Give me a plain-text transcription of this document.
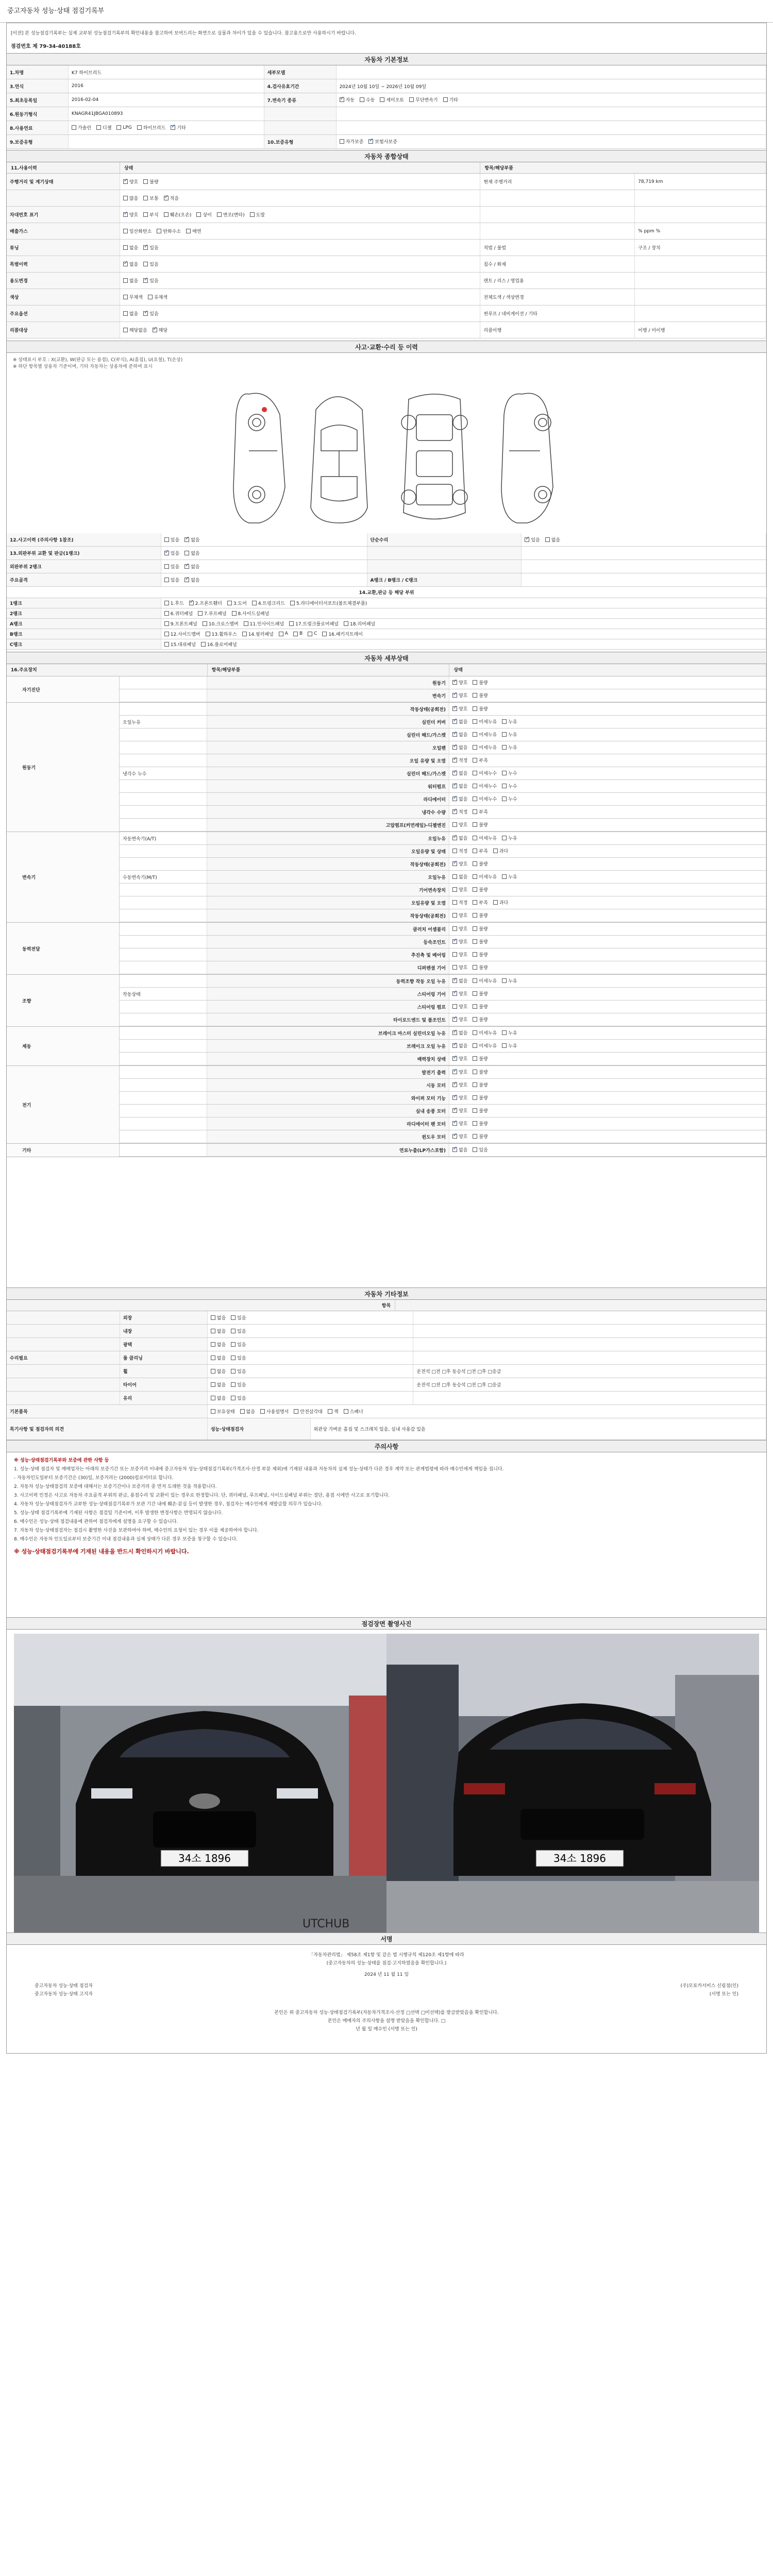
중고자동차 성능·상태 점검기록부
[이전] 본 성능점검기록부는 실제 교부된 성능점검기록부의 확인내용을 참고하여 보여드리는 화면으로 실물과 차이가 있을 수 있습니다. 참고용으로만 사용하시기 바랍니다.
점검번호 제 79-34-40188호
자동차 기본정보
1.차명	K7 하이브리드	세부모델
3.연식	2016	4.검사유효기간	2024년 10월 10일 ~ 2026년 10월 09일
5.최초등록일	2016-02-04	7.변속기 종류 ✓	자동 수동 세미오토 무단변속기 기타
6.원동기형식	KNAGR41JBGA010893
8.사용연료	가솔린 디젤 LPG 하이브리드 ✓ 기타
9.보증유형	10.보증유형	자가보증 ✓ 보험사보증
자동차 종합상태
11.사용이력	상태	항목/해당부품
주행거리 및 계기상태 ✓	양호 불량	현재 주행거리	78,719 km
많음 보통 ✓ 적음
차대번호 표기 ✓	양호 부식 훼손(오손) 상이 변조(변타) 도말
배출가스	일산화탄소 탄화수소 매연	% ppm %
튜닝	없음 ✓ 있음	적법 / 불법	구조 / 장치
특별이력 ✓	없음 있음	침수 / 화재
용도변경	없음 ✓ 있음	렌트 / 리스 / 영업용
색상	무채색 유채색	전체도색 / 색상변경
주요옵션	없음 ✓ 있음	썬루프 / 네비게이션 / 기타
리콜대상	해당없음 ✓ 해당	리콜이행	이행 / 미이행
사고·교환·수리 등 이력
※ 상태표시 부호 : X(교환), W(판금 또는 용접), C(부식), A(흠집), U(요철), T(손상)
※ 하단 항목별 상용차 기준이며, 기타 자동차는 상용차에 준하여 표시
12.사고이력 (주의사항 1참조)	있음 ✓ 없음	단순수리 ✓	있음 없음
13.외판부위 교환 및 판금(1랭크) ✓	있음 없음
외판부위 2랭크	있음 ✓ 없음
주요골격	있음 ✓ 없음	A랭크 / B랭크 / C랭크
14.교환,판금 등 해당 부위
1랭크	1.후드 ✓ 2.프론트휀더 3.도어 4.트렁크리드 5.라디에이터서포트(볼트체결부품)
2랭크	6.쿼터패널 7.루프패널 8.사이드실패널
A랭크	9.프론트패널 10.크로스멤버 11.인사이드패널 17.트렁크플로어패널 18.리어패널
B랭크	12.사이드멤버 13.휠하우스 14.필러패널 A B C 16.패키지트레이
C랭크	15.대쉬패널 16.플로어패널
자동차 세부상태
16.주요장치	항목/해당부품	상태
자기진단
원동기 ✓	양호 불량
변속기 ✓	양호 불량
원동기
작동상태(공회전) ✓	양호 불량
오일누유	실린더 커버 ✓	없음 미세누유 누유
실린더 헤드/가스켓 ✓	없음 미세누유 누유
오일팬 ✓	없음 미세누유 누유
오일 유량 및 오염 ✓	적정 부족
냉각수 누수	실린더 헤드/가스켓 ✓	없음 미세누수 누수
워터펌프 ✓	없음 미세누수 누수
라디에이터 ✓	없음 미세누수 누수
냉각수 수량 ✓	적정 부족
고압펌프(커먼레일)-디젤엔진	양호 불량
변속기
자동변속기(A/T)	오일누유 ✓	없음 미세누유 누유
오일유량 및 상태	적정 부족 과다
작동상태(공회전) ✓	양호 불량
수동변속기(M/T)	오일누유	없음 미세누유 누유
기어변속장치	양호 불량
오일유량 및 오염	적정 부족 과다
작동상태(공회전)	양호 불량
동력전달
클러치 어셈블리	양호 불량
등속조인트 ✓	양호 불량
추진축 및 베어링	양호 불량
디퍼렌셜 기어	양호 불량
조향
동력조향 작동 오일 누유 ✓	없음 미세누유 누유
작동상태	스티어링 기어 ✓	양호 불량
스티어링 펌프	양호 불량
타이로드엔드 및 볼조인트 ✓	양호 불량
제동
브레이크 마스터 실린더오일 누유 ✓	없음 미세누유 누유
브레이크 오일 누유 ✓	없음 미세누유 누유
배력장치 상태 ✓	양호 불량
전기
발전기 출력 ✓	양호 불량
시동 모터 ✓	양호 불량
와이퍼 모터 기능 ✓	양호 불량
실내 송풍 모터 ✓	양호 불량
라디에이터 팬 모터 ✓	양호 불량
윈도우 모터 ✓	양호 불량
기타	연료누출(LP가스포함) ✓	없음 있음
자동차 기타정보
항목
외장	없음 있음
내장	없음 있음
광택	없음 있음
수리필요	룸 클리닝	없음 있음
휠	없음 있음	운전석 □전 □후 동승석 □전 □후 □응급
타이어	없음 있음	운전석 □전 □후 동승석 □전 □후 □응급
유리	없음 있음
기본품목	보유상태 없음 사용설명서 안전삼각대 잭 스패너
특기사항 및 점검자의 의견	성능·상태점검자	외관상 가벼운 흠집 및 스크래치 있음, 실내 사용감 있음
주의사항

※ 성능·상태점검기록부와 보증에 관한 사항 등

1. 성능·상태 점검자 및 매매업자는 아래의 보증기간 또는 보증거리 이내에 중고자동차 성능·상태점검기록부(가격조사·산정 부분 제외)에 기재된 내용과 자동차의 실제 성능·상태가 다른 경우 계약 또는 관계법령에 따라 매수인에게 책임을 집니다.

- 자동차인도일부터 보증기간은 (30)일, 보증거리는 (2000)킬로미터로 합니다.

2. 자동차 성능·상태점검의 보증에 대해서는 보증기간이나 보증거리 중 먼저 도래한 것을 적용합니다.

3. 사고이력 인정은 사고로 자동차 주요골격 부위의 판금, 용접수리 및 교환이 있는 경우로 한정합니다. 단, 쿼터패널, 루프패널, 사이드실패널 부위는 절단, 용접 시에만 사고로 표기합니다.

4. 자동차 성능·상태점검자가 교부한 성능·상태점검기록부가 보관 기간 내에 훼손·분실 등이 발생한 경우, 점검자는 매수인에게 재발급할 의무가 있습니다.

5. 성능·상태 점검기록부에 기재된 사항은 점검일 기준이며, 이후 발생한 변경사항은 반영되지 않습니다.

6. 매수인은 성능·상태 점검내용에 관하여 점검자에게 설명을 요구할 수 있습니다.

7. 자동차 성능·상태점검자는 점검시 촬영한 사진을 보관하여야 하며, 매수인의 요청이 있는 경우 이를 제공하여야 합니다.

8. 매수인은 자동차 인도일로부터 보증기간 이내 점검내용과 실제 상태가 다른 경우 보증을 청구할 수 있습니다.

※ 성능·상태점검기록부에 기재된 내용을 반드시 확인하시기 바랍니다.

점검장면 촬영사진
34소 1896
UTCHUB
34소 1896
서명
「자동차관리법」 제58조 제1항 및 같은 법 시행규칙 제120조 제1항에 따라
(중고자동차의 성능·상태를 점검·고지하였음을 확인합니다.)
2024 년 11 월 11 일
중고자동차 성능·상태 점검자	(주)모토카서비스 신림점(인)
중고자동차 성능·상태 고지자	(서명 또는 인)
본인은 위 중고자동차 성능·상태점검기록부(자동차가격조사·산정 □선택 □미선택)를 발급받았음을 확인합니다.
본인은 매매자의 주의사항을 설명 받았음을 확인합니다. □
년 월 일 매수인 (서명 또는 인)
